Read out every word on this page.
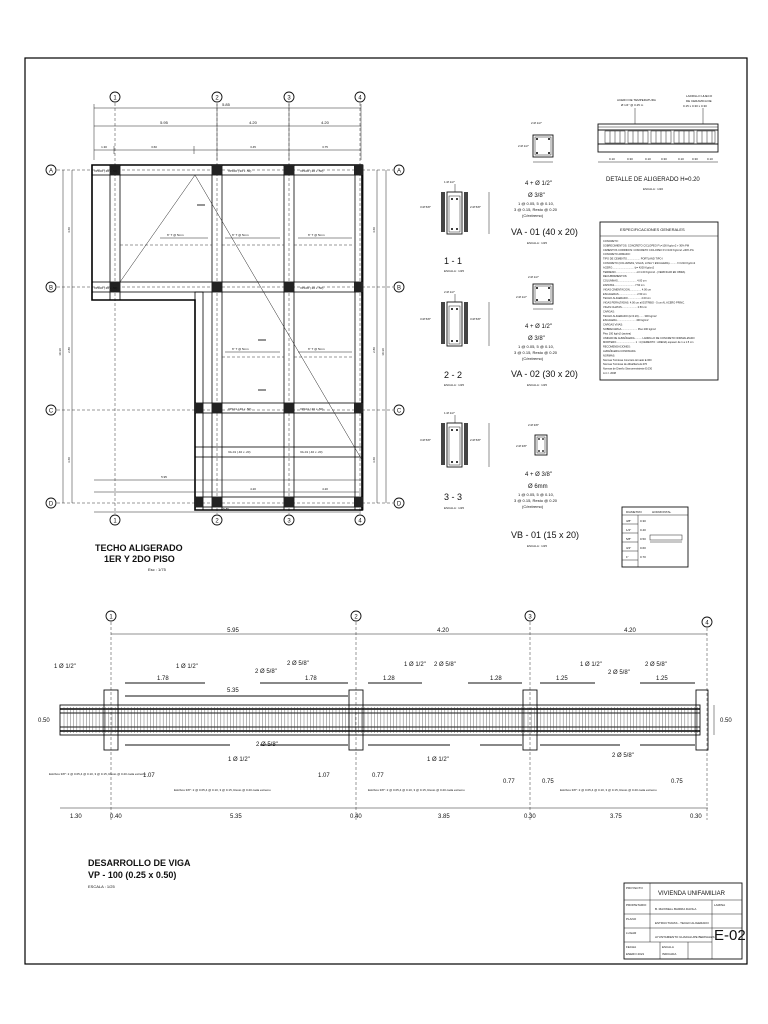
5.85
5.95	4.20	4.20
1.30	3.60	3.45	3.75
1	2	3	4
1	2	3	4
A
B
C
D
A
B
C
D
10.30
4.60
2.80
3.60
4.60
2.80
3.60
10.30
VP100 (.30 x .50)	VP100 (.30 x .50)	VP100 (.30 x .50)
VP100 (.30 x .50)	VP100 (.30 x .50)
VP101 (.30 x .50)	VP101 (.30 x .50)
VA-01 (.40 x .20)	VA-01 (.40 x .20)
6" T @ 5mm	6" T @ 5mm	6" T @ 5mm
6" T @ 5mm
6" T @ 5mm
5.95
4.20	4.20
5.85
TECHO ALIGERADO
1ER Y 2DO PISO
Esc : 1/75
1 Ø 1/2"
2 Ø 5/8"
3 Ø 5/8"
1 - 1
ESCALA : 1/25
2 Ø 1/2"
3 Ø 5/8"
3 Ø 5/8"
2 - 2
ESCALA : 1/25
1 Ø 1/2"
2 Ø 5/8"
3 Ø 5/8"
3 - 3
ESCALA : 1/25
2 Ø 1/2"
2 Ø 1/2"
4 + Ø 1/2"
Ø 3/8"
1 @ 0.05, 5 @ 0.10,
3 @ 0.15, Resto @ 0.20
(C/extremo)
VA - 01 (40 x 20)
ESCALA : 1/25
2 Ø 1/2"
2 Ø 1/2"
4 + Ø 1/2"
Ø 3/8"
1 @ 0.05, 5 @ 0.10,
3 @ 0.15, Resto @ 0.20
(C/extremo)
VA - 02 (30 x 20)
ESCALA : 1/25
2 Ø 3/8"
2 Ø 3/8"
4 + Ø 3/8"
Ø 6mm
1 @ 0.05, 5 @ 0.10,
3 @ 0.15, Resto @ 0.20
(C/extremo)
VB - 01 (15 x 20)
ESCALA : 1/25
ACERO DE TEMPERATURA
Ø 1/4" @ 0.25 m
LADRILLO HUECO
DE CERAMICA DE
0.15 x 0.30 x 0.30
0.10	0.30	0.10	0.30	0.10	0.30	0.10
DETALLE DE ALIGERADO H=0.20
ESCALA : 1/20
ESPECIFICACIONES GENERALES
CONCRETO:
SOBRECIMIENTOS: CONCRETO CICLOPEO F'c=100 Kg/cm2 + 30% PM
CIMIENTOS CORRIDOS: CONCRETO CICLOPEO F'c=100 Kg/cm2 +30% PG
CONCRETO ARMADO:
TIPO DE CEMENTO.................. PORTLAND TIPO I
CONCRETO (COLUMNAS, VIGAS, LOSA Y ESCALERA).......... f'c=210 Kg/cm2
ACERO.............................. fy= 4200 Kg/cm2
TERRENO............................ σt=1.00 Kg/cm2 - (VERIFICAR EN OBRA)
RECUBRIMIENTOS:
COLUMNAS.......................... 4.00 cm
ZAPATAS............................ 7.50 cm
VIGAS CIMENTACION................ 4.00 cm
ESCALERAS......................... 2.50 cm
TECHO ALIGERADO.................. 2.00 cm
VIGAS PERALTADAS: 4.00 cm al ESTRIBO - 5 cm AL ACERO PRINC.
VIGAS CHATAS..................... 2.50 cm
CARGAS:
TECHO ALIGERADO (H=0.20)....... 300 kg/m2
ESCALERA.......................... 400 kg/m2
CARGAS VIVAS:
SOBRECARGA...................... Piso 200 kg/m2
Piso 100 kg/m2 (azotea)
UNIDAD DE ALBAÑILERIA.......... LADRILLO DE CONCRETO NORMALIZADO
MORTERO.......................... 1 : 4 (CEMENTO : ARENA) espesor de 1 a 1.5 cm
RECOMENDACIONES:
ALBAÑILERIA CONFINADA
NORMAS:
Normas Técnicas Concreto Armado E.060
Normas Técnicas de Albañilería E.070
Normas de Diseño Sismorresistente E.030
A.C.I. 2008
DIAMETRO	HORIZONTAL
3/8"	0.30
1/2"	0.40
5/8"	0.50
3/4"	0.60
1"	0.70
1	2	3
4
5.95	4.20	4.20
0.50	0.50
1 Ø 1/2"	1 Ø 1/2"
2 Ø 5/8"
2 Ø 5/8"	1 Ø 1/2" 2 Ø 5/8"	1 Ø 1/2"
2 Ø 5/8"
2 Ø 5/8"
1.78
5.35
1.78	1.28	1.28	1.25	1.25
1 Ø 1/2"
2 Ø 5/8"
1 Ø 1/2"
2 Ø 5/8"
1.07	1.07	0.77
0.77	0.75	0.75
Estribos 3/8": 2 @ 0.05,4 @ 0.10, 3 @ 0.15, Resto @ 0.20 cada extremo
Estribos 3/8": 2 @ 0.05,4 @ 0.10, 3 @ 0.15, Resto @ 0.20 cada extremo	Estribos 3/8": 2 @ 0.05,4 @ 0.10, 3 @ 0.15, Resto @ 0.20 cada extremo	Estribos 3/8": 2 @ 0.05,4 @ 0.10, 3 @ 0.15, Resto @ 0.20 cada extremo
1.30	0.40	5.35	0.40	3.85	0.30	3.75	0.30
DESARROLLO DE VIGA
VP - 100 (0.25 x 0.50)
ESCALA : 1/25	PROYECTO
VIVIENDA UNIFAMILIAR
PROPIETARIO
B. MAXWELL BARRIA DAVILA
PLANO
ESTRUCTURAS - TECHO ALIGERADO
LUGAR
AYUNTAMIENTO GUADALUPE BERNALES
FECHA
ENERO 2021
ESCALA
INDICADA
LAMINA
E-02
